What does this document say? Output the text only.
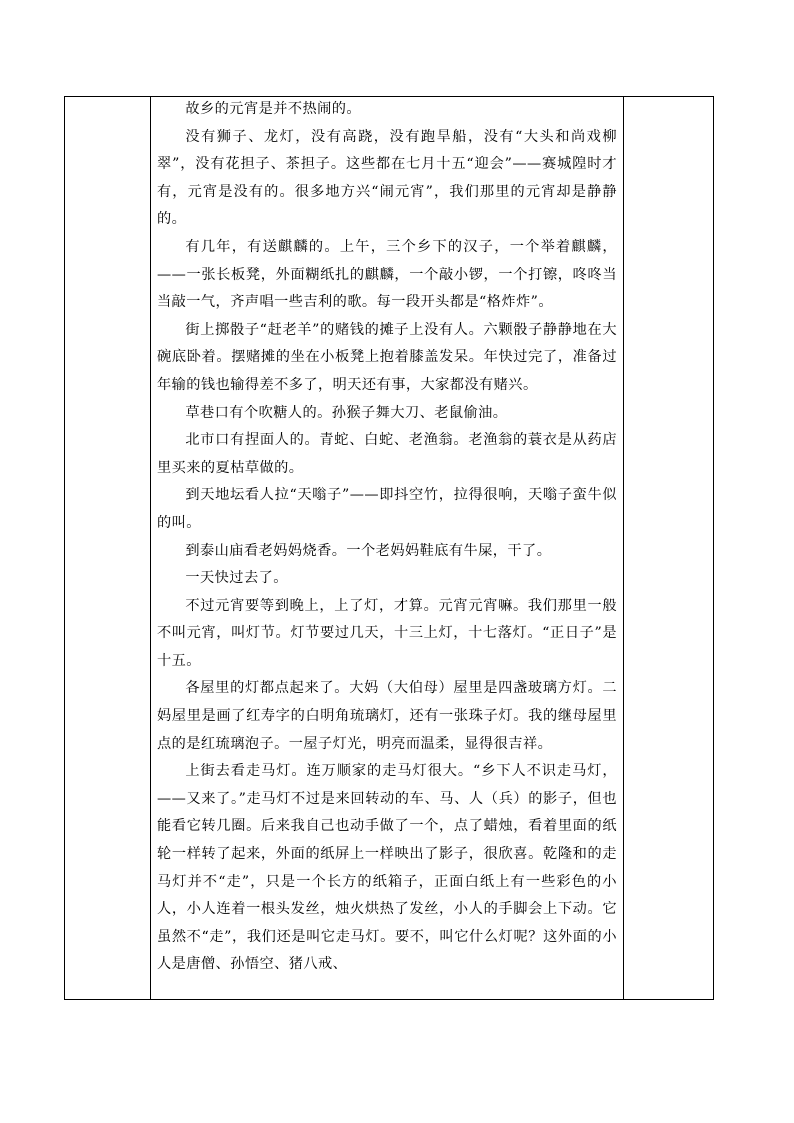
故乡的元宵是并不热闹的。

没有狮子、龙灯，没有高跷，没有跑旱船，没有“大头和尚戏柳翠”，没有花担子、茶担子。这些都在七月十五“迎会”——赛城隍时才有，元宵是没有的。很多地方兴“闹元宵”，我们那里的元宵却是静静的。

有几年，有送麒麟的。上午，三个乡下的汉子，一个举着麒麟，——一张长板凳，外面糊纸扎的麒麟，一个敲小锣，一个打镲，咚咚当当敲一气，齐声唱一些吉利的歌。每一段开头都是“格炸炸”。

街上掷骰子“赶老羊”的赌钱的摊子上没有人。六颗骰子静静地在大碗底卧着。摆赌摊的坐在小板凳上抱着膝盖发呆。年快过完了，准备过年输的钱也输得差不多了，明天还有事，大家都没有赌兴。

草巷口有个吹糖人的。孙猴子舞大刀、老鼠偷油。

北市口有捏面人的。青蛇、白蛇、老渔翁。老渔翁的蓑衣是从药店里买来的夏枯草做的。

到天地坛看人拉“天嗡子”——即抖空竹，拉得很响，天嗡子蛮牛似的叫。

到泰山庙看老妈妈烧香。一个老妈妈鞋底有牛屎，干了。

一天快过去了。

不过元宵要等到晚上，上了灯，才算。元宵元宵嘛。我们那里一般不叫元宵，叫灯节。灯节要过几天，十三上灯，十七落灯。“正日子”是十五。

各屋里的灯都点起来了。大妈（大伯母）屋里是四盏玻璃方灯。二妈屋里是画了红寿字的白明角琉璃灯，还有一张珠子灯。我的继母屋里点的是红琉璃泡子。一屋子灯光，明亮而温柔，显得很吉祥。

上街去看走马灯。连万顺家的走马灯很大。“乡下人不识走马灯，——又来了。”走马灯不过是来回转动的车、马、人（兵）的影子，但也能看它转几圈。后来我自己也动手做了一个，点了蜡烛，看着里面的纸轮一样转了起来，外面的纸屏上一样映出了影子，很欣喜。乾隆和的走马灯并不“走”，只是一个长方的纸箱子，正面白纸上有一些彩色的小人，小人连着一根头发丝，烛火烘热了发丝，小人的手脚会上下动。它虽然不“走”，我们还是叫它走马灯。要不，叫它什么灯呢？这外面的小人是唐僧、孙悟空、猪八戒、
